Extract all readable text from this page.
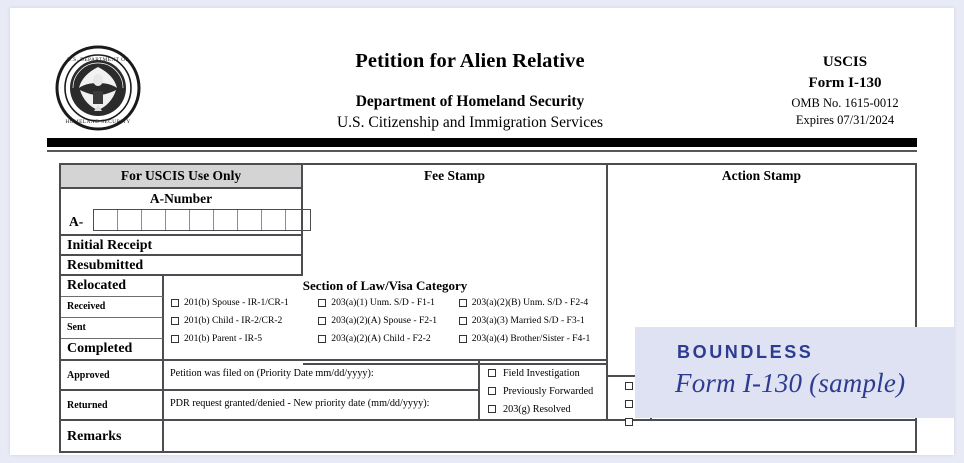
U.S. DEPARTMENT OF
HOMELAND SECURITY
Petition for Alien Relative
Department of Homeland Security
U.S. Citizenship and Immigration Services
USCIS
Form I-130
OMB No. 1615-0012
Expires 07/31/2024
For USCIS Use Only	Fee Stamp	Action Stamp
A-Number
A-
Initial Receipt
Resubmitted
Relocated
Received
Sent
Completed
Section of Law/Visa Category
201(b) Spouse - IR-1/CR-1	203(a)(1) Unm. S/D - F1-1	203(a)(2)(B) Unm. S/D - F2-4
201(b) Child - IR-2/CR-2	203(a)(2)(A) Spouse - F2-1	203(a)(3) Married S/D - F3-1
201(b) Parent - IR-5	203(a)(2)(A) Child - F2-2	203(a)(4) Brother/Sister - F4-1
Approved
Returned
Petition was filed on (Priority Date mm/dd/yyyy):
PDR request granted/denied - New priority date (mm/dd/yyyy):
Field Investigation
Previously Forwarded
203(g) Resolved
Remarks
BOUNDLESS
Form I-130 (sample)
